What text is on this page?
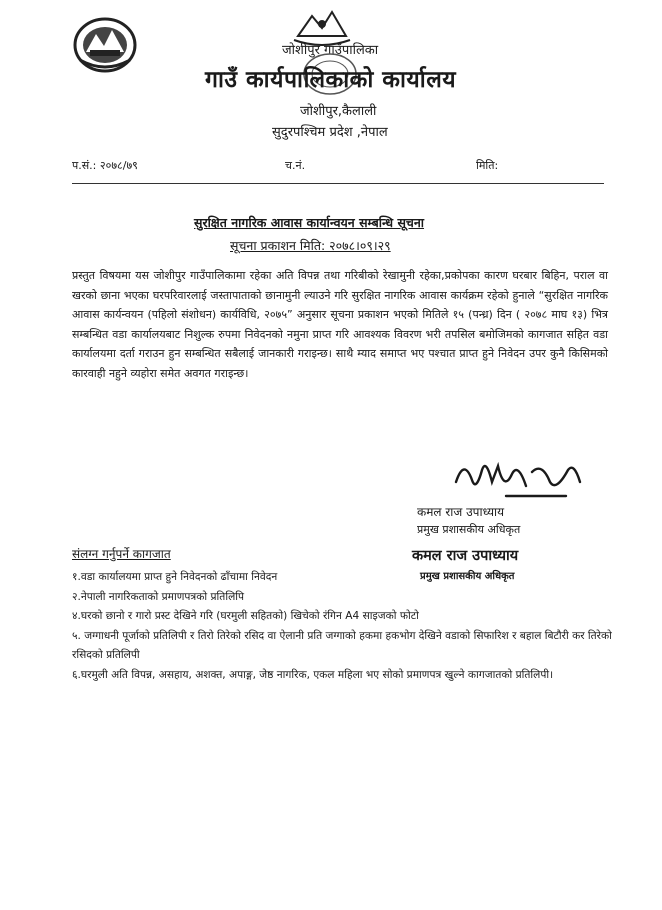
जोशीपुर गाउँपालिका
गाउँ कार्यपालिकाको कार्यालय
जोशीपुर,कैलाली
सुदुरपश्चिम प्रदेश ,नेपाल
प.सं.: २०७८/७९	च.नं.	मिति:
सुरक्षित नागरिक आवास कार्यान्वयन सम्बन्धि सूचना
सूचना प्रकाशन मिति: २०७८।०९।२९

प्रस्तुत विषयमा यस जोशीपुर गाउँपालिकामा रहेका अति विपन्न तथा गरिबीको रेखामुनी रहेका,प्रकोपका कारण घरबार बिहिन, पराल वा खरको छाना भएका घरपरिवारलाई जस्तापाताको छानामुनी ल्याउने गरि सुरक्षित नागरिक आवास कार्यक्रम रहेको हुनाले “सुरक्षित नागरिक आवास कार्यन्वयन (पहिलो संशोधन) कार्यविधि, २०७५” अनुसार सूचना प्रकाशन भएको मितिले १५ (पन्ध्र) दिन ( २०७८ माघ १३) भित्र सम्बन्धित वडा कार्यालयबाट निशुल्क रुपमा निवेदनको नमुना प्राप्त गरि आवश्यक विवरण भरी तपसिल बमोजिमको कागजात सहित वडा कार्यालयमा दर्ता गराउन हुन सम्बन्धित सबैलाई जानकारी गराइन्छ। साथै म्याद समाप्त भए पश्चात प्राप्त हुने निवेदन उपर कुनै किसिमको कारवाही नहुने व्यहोरा समेत अवगत गराइन्छ।

कमल राज उपाध्याय
प्रमुख प्रशासकीय अधिकृत
कमल राज उपाध्याय
प्रमुख प्रशासकीय अधिकृत
संलग्न गर्नुपर्ने कागजात
१.वडा कार्यालयमा प्राप्त हुने निवेदनको ढाँचामा निवेदन
२.नेपाली नागरिकताको प्रमाणपत्रको प्रतिलिपि
४.घरको छानो र गारो प्रस्ट देखिने गरि (घरमुली सहितको) खिचेको रंगिन A4 साइजको फोटो
५. जग्गाधनी पूर्जाको प्रतिलिपी र तिरो तिरेको रसिद वा ऐलानी प्रति जग्गाको हकमा हकभोग देखिने वडाको सिफारिश र बहाल बिटौरी कर तिरेको रसिदको प्रतिलिपी
६.घरमुली अति विपन्न, असहाय, अशक्त, अपाङ्ग, जेष्ठ नागरिक, एकल महिला भए सोको प्रमाणपत्र खुल्ने कागजातको प्रतिलिपी।
